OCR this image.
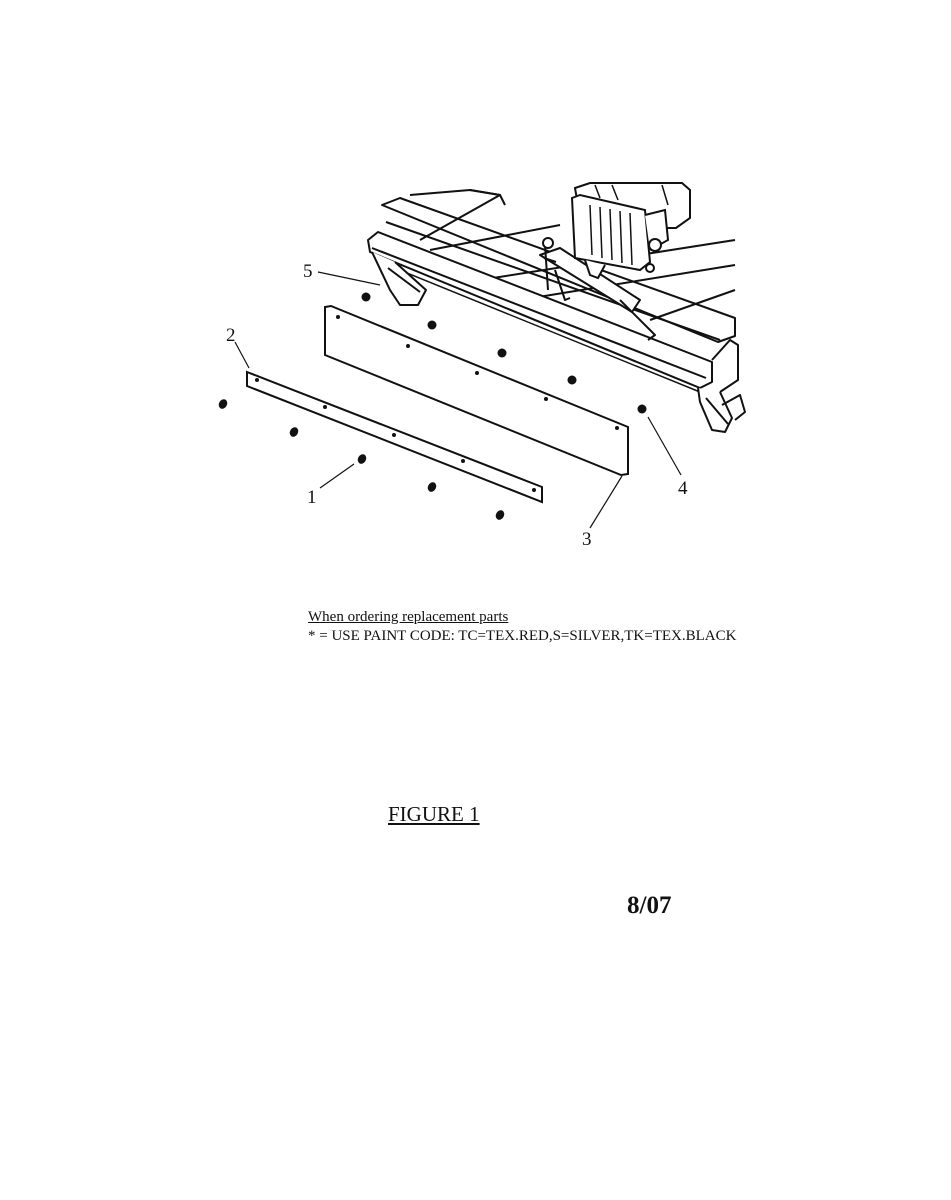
5
2
1
3
4
When ordering replacement parts
* = USE PAINT CODE: TC=TEX.RED,S=SILVER,TK=TEX.BLACK
FIGURE 1
8/07
